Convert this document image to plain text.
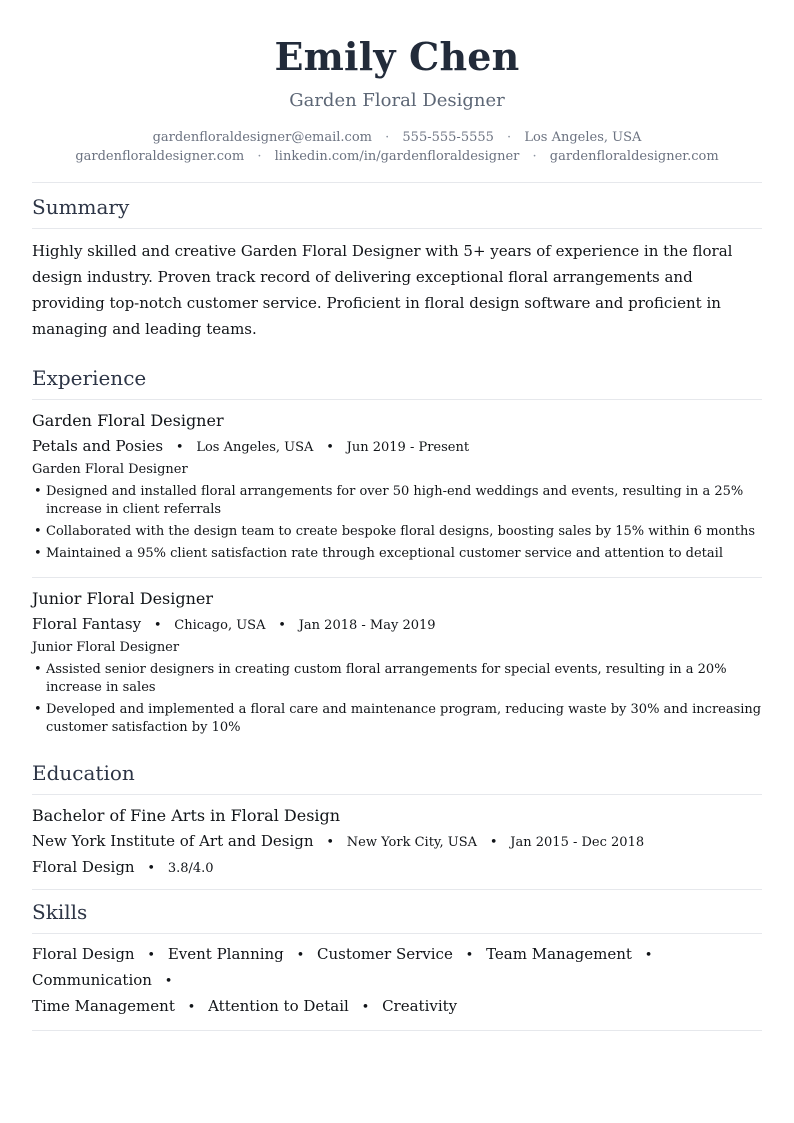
Emily Chen
Garden Floral Designer
gardenfloraldesigner@email.com · 555-555-5555 · Los Angeles, USA
gardenfloraldesigner.com · linkedin.com/in/gardenfloraldesigner · gardenfloraldesigner.com
Summary
Highly skilled and creative Garden Floral Designer with 5+ years of experience in the floral design industry. Proven track record of delivering exceptional floral arrangements and providing top-notch customer service. Proficient in floral design software and proficient in managing and leading teams.
Experience
Garden Floral Designer
Petals and Posies • Los Angeles, USA • Jun 2019 - Present
Garden Floral Designer
• Designed and installed floral arrangements for over 50 high-end weddings and events, resulting in a 25% increase in client referrals
• Collaborated with the design team to create bespoke floral designs, boosting sales by 15% within 6 months
• Maintained a 95% client satisfaction rate through exceptional customer service and attention to detail
Junior Floral Designer
Floral Fantasy • Chicago, USA • Jan 2018 - May 2019
Junior Floral Designer
• Assisted senior designers in creating custom floral arrangements for special events, resulting in a 20% increase in sales
• Developed and implemented a floral care and maintenance program, reducing waste by 30% and increasing customer satisfaction by 10%
Education
Bachelor of Fine Arts in Floral Design
New York Institute of Art and Design • New York City, USA • Jan 2015 - Dec 2018
Floral Design • 3.8/4.0
Skills
Floral Design • Event Planning • Customer Service • Team Management • Communication •
Time Management • Attention to Detail • Creativity
